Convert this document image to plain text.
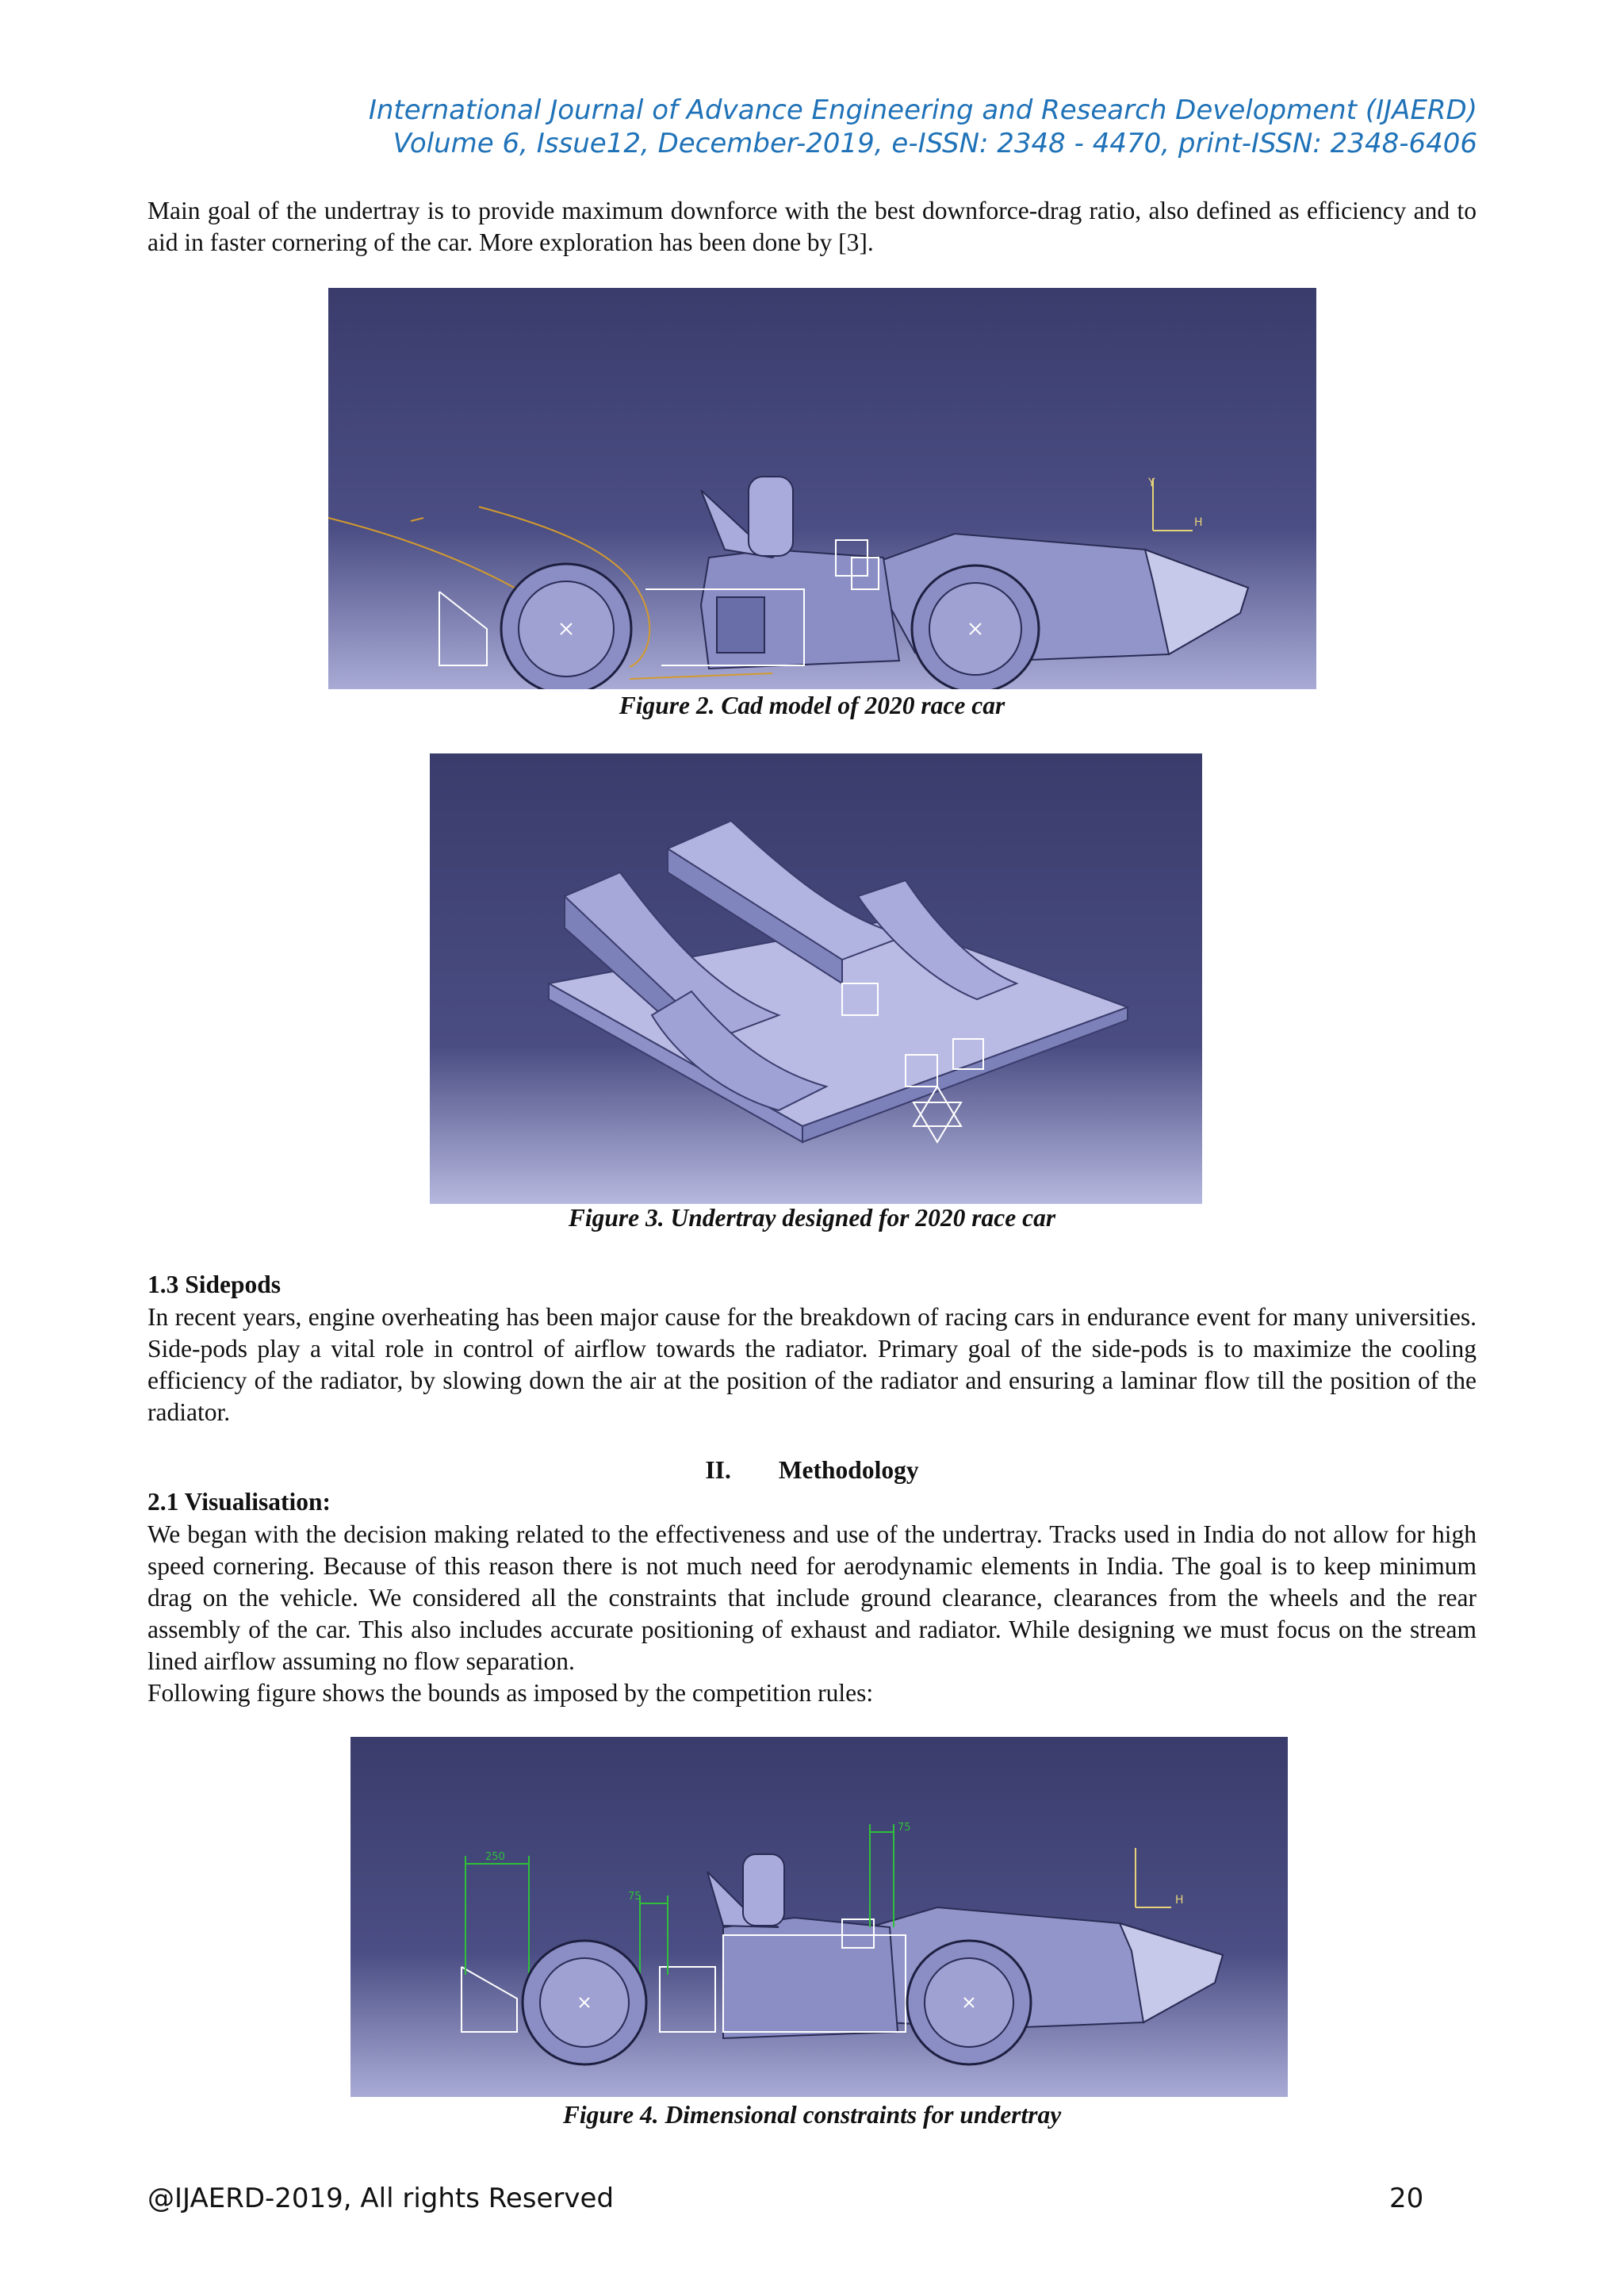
International Journal of Advance Engineering and Research Development (IJAERD)
Volume 6, Issue12, December-2019, e-ISSN: 2348 - 4470, print-ISSN: 2348-6406

Main goal of the undertray is to provide maximum downforce with the best downforce-drag ratio, also defined as efficiency and to aid in faster cornering of the car. More exploration has been done by [3].

Y
H
Figure 2. Cad model of 2020 race car
Figure 3. Undertray designed for 2020 race car
1.3 Sidepods

In recent years, engine overheating has been major cause for the breakdown of racing cars in endurance event for many universities. Side-pods play a vital role in control of airflow towards the radiator. Primary goal of the side-pods is to maximize the cooling efficiency of the radiator, by slowing down the air at the position of the radiator and ensuring a laminar flow till the position of the radiator.

II. Methodology
2.1 Visualisation:

We began with the decision making related to the effectiveness and use of the undertray. Tracks used in India do not allow for high speed cornering. Because of this reason there is not much need for aerodynamic elements in India. The goal is to keep minimum drag on the vehicle. We considered all the constraints that include ground clearance, clearances from the wheels and the rear assembly of the car. This also includes accurate positioning of exhaust and radiator. While designing we must focus on the stream lined airflow assuming no flow separation.

Following figure shows the bounds as imposed by the competition rules:

250
75
75
H
Figure 4. Dimensional constraints for undertray
@IJAERD-2019, All rights Reserved	20
